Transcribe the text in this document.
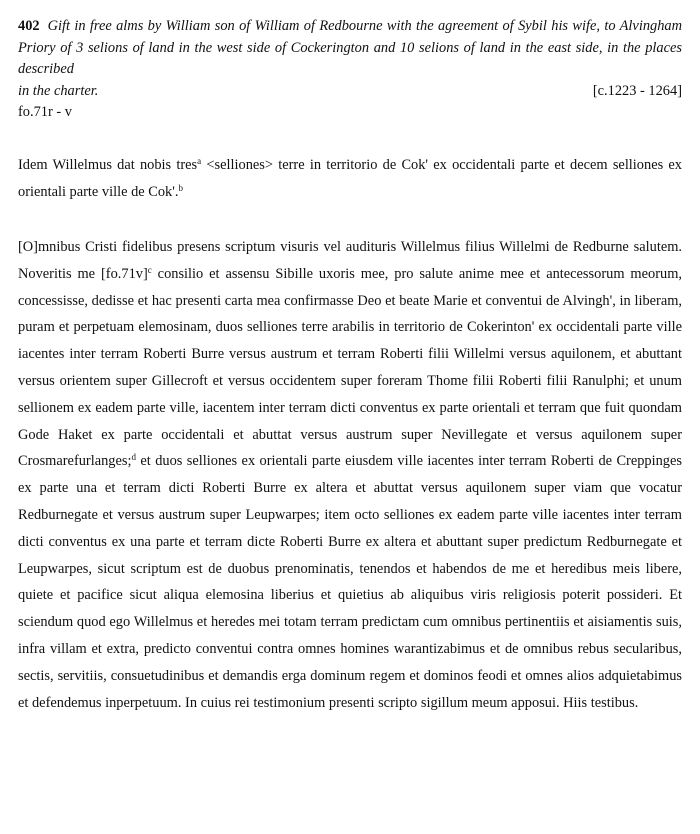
402 Gift in free alms by William son of William of Redbourne with the agreement of Sybil his wife, to Alvingham Priory of 3 selions of land in the west side of Cockerington and 10 selions of land in the east side, in the places described
in the charter.	[c.1223 - 1264]
fo.71r - v

Idem Willelmus dat nobis tres$^a$ <selliones> terre in territorio de Cok' ex occidentali parte et decem selliones ex orientali parte ville de Cok'.$^b$

[O]mnibus Cristi fidelibus presens scriptum visuris vel audituris Willelmus filius Willelmi de Redburne salutem. Noveritis me $[fo.71v]^c$ consilio et assensu Sibille uxoris mee, pro salute anime mee et antecessorum meorum, concessisse, dedisse et hac presenti carta mea confirmasse Deo et beate Marie et conventui de Alvingh', in liberam, puram et perpetuam elemosinam, duos selliones terre arabilis in territorio de Cokerinton' ex occidentali parte ville iacentes inter terram Roberti Burre versus austrum et terram Roberti filii Willelmi versus aquilonem, et abuttant versus orientem super Gillecroft et versus occidentem super foreram Thome filii Roberti filii Ranulphi; et unum sellionem ex eadem parte ville, iacentem inter terram dicti conventus ex parte orientali et terram que fuit quondam Gode Haket ex parte occidentali et abuttat versus austrum super Nevillegate et versus aquilonem super Crosmarefurlanges;$^d$ et duos selliones ex orientali parte eiusdem ville iacentes inter terram Roberti de Creppinges ex parte una et terram dicti Roberti Burre ex altera et abuttat versus aquilonem super viam que vocatur Redburnegate et versus austrum super Leupwarpes; item octo selliones ex eadem parte ville iacentes inter terram dicti conventus ex una parte et terram dicte Roberti Burre ex altera et abuttant super predictum Redburnegate et Leupwarpes, sicut scriptum est de duobus prenominatis, tenendos et habendos de me et heredibus meis libere, quiete et pacifice sicut aliqua elemosina liberius et quietius ab aliquibus viris religiosis poterit possideri. Et sciendum quod ego Willelmus et heredes mei totam terram predictam cum omnibus pertinentiis et aisiamentis suis, infra villam et extra, predicto conventui contra omnes homines warantizabimus et de omnibus rebus secularibus, sectis, servitiis, consuetudinibus et demandis erga dominum regem et dominos feodi et omnes alios adquietabimus et defendemus inperpetuum. In cuius rei testimonium presenti scripto sigillum meum apposui. Hiis testibus.
